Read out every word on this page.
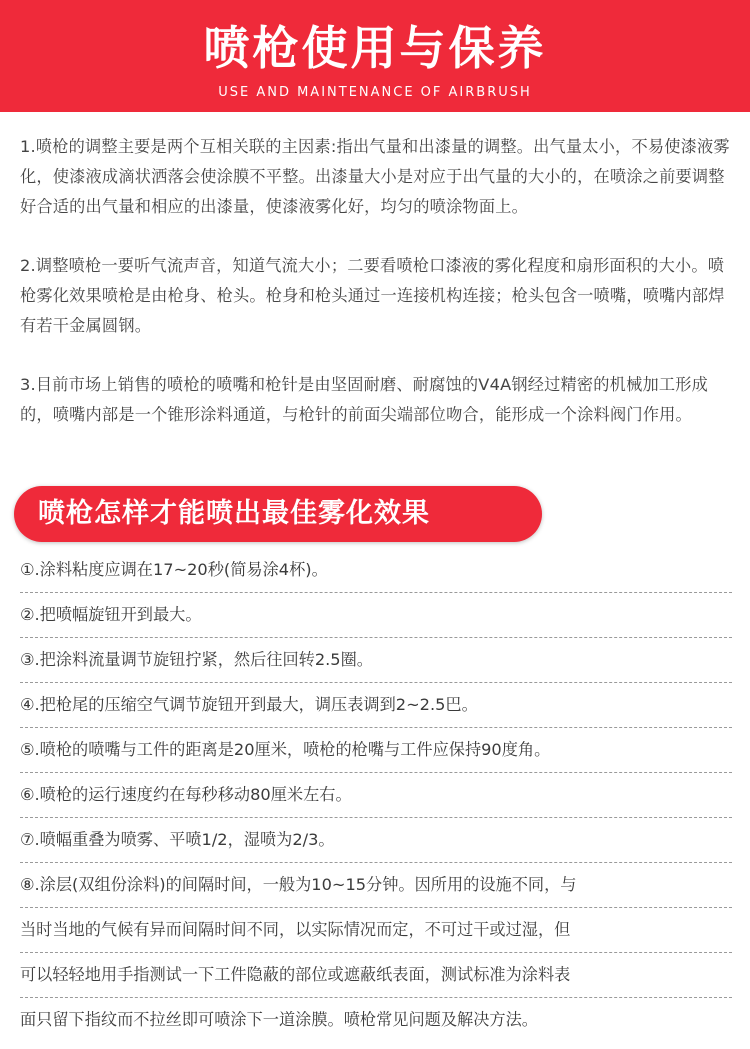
喷枪使用与保养
USE AND MAINTENANCE OF AIRBRUSH

1.喷枪的调整主要是两个互相关联的主因素:指出气量和出漆量的调整。出气量太小，不易使漆液雾化，使漆液成滴状洒落会使涂膜不平整。出漆量大小是对应于出气量的大小的，在喷涂之前要调整好合适的出气量和相应的出漆量，使漆液雾化好，均匀的喷涂物面上。

2.调整喷枪一要听气流声音，知道气流大小；二要看喷枪口漆液的雾化程度和扇形面积的大小。喷枪雾化效果喷枪是由枪身、枪头。枪身和枪头通过一连接机构连接；枪头包含一喷嘴，喷嘴内部焊有若干金属圆钢。

3.目前市场上销售的喷枪的喷嘴和枪针是由坚固耐磨、耐腐蚀的V4A钢经过精密的机械加工形成的，喷嘴内部是一个锥形涂料通道，与枪针的前面尖端部位吻合，能形成一个涂料阀门作用。

喷枪怎样才能喷出最佳雾化效果
①.涂料粘度应调在17~20秒(简易涂4杯)。
②.把喷幅旋钮开到最大。
③.把涂料流量调节旋钮拧紧，然后往回转2.5圈。
④.把枪尾的压缩空气调节旋钮开到最大，调压表调到2~2.5巴。
⑤.喷枪的喷嘴与工件的距离是20厘米，喷枪的枪嘴与工件应保持90度角。
⑥.喷枪的运行速度约在每秒移动80厘米左右。
⑦.喷幅重叠为喷雾、平喷1/2，湿喷为2/3。
⑧.涂层(双组份涂料)的间隔时间，一般为10~15分钟。因所用的设施不同，与
当时当地的气候有异而间隔时间不同，以实际情况而定，不可过干或过湿，但
可以轻轻地用手指测试一下工件隐蔽的部位或遮蔽纸表面，测试标准为涂料表
面只留下指纹而不拉丝即可喷涂下一道涂膜。喷枪常见问题及解决方法。
